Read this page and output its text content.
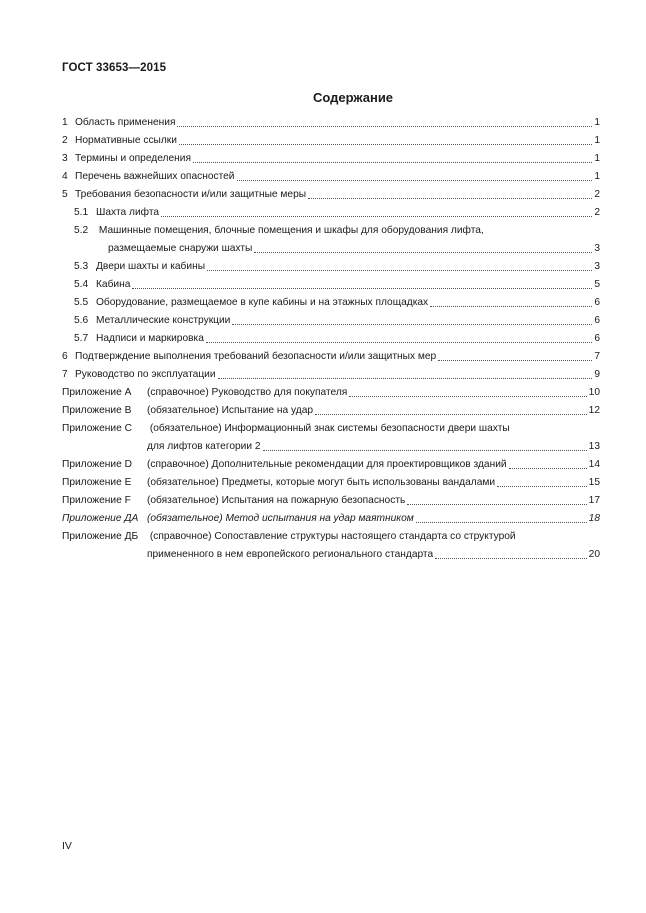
ГОСТ 33653—2015
Содержание
1 Область применения	1
2 Нормативные ссылки	1
3 Термины и определения	1
4 Перечень важнейших опасностей	1
5 Требования безопасности и/или защитные меры	2
5.1 Шахта лифта	2
5.2 Машинные помещения, блочные помещения и шкафы для оборудования лифта,
размещаемые снаружи шахты	3
5.3 Двери шахты и кабины	3
5.4 Кабина	5
5.5 Оборудование, размещаемое в купе кабины и на этажных площадках	6
5.6 Металлические конструкции	6
5.7 Надписи и маркировка	6
6 Подтверждение выполнения требований безопасности и/или защитных мер	7
7 Руководство по эксплуатации	9
Приложение А	(справочное) Руководство для покупателя	10
Приложение В	(обязательное) Испытание на удар	12
Приложение С (обязательное) Информационный знак системы безопасности двери шахты
для лифтов категории 2	13
Приложение D	(справочное) Дополнительные рекомендации для проектировщиков зданий	14
Приложение Е	(обязательное) Предметы, которые могут быть использованы вандалами	15
Приложение F	(обязательное) Испытания на пожарную безопасность	17
Приложение ДА (обязательное) Метод испытания на удар маятником	18
Приложение ДБ (справочное) Сопоставление структуры настоящего стандарта со структурой
примененного в нем европейского регионального стандарта	20
IV
